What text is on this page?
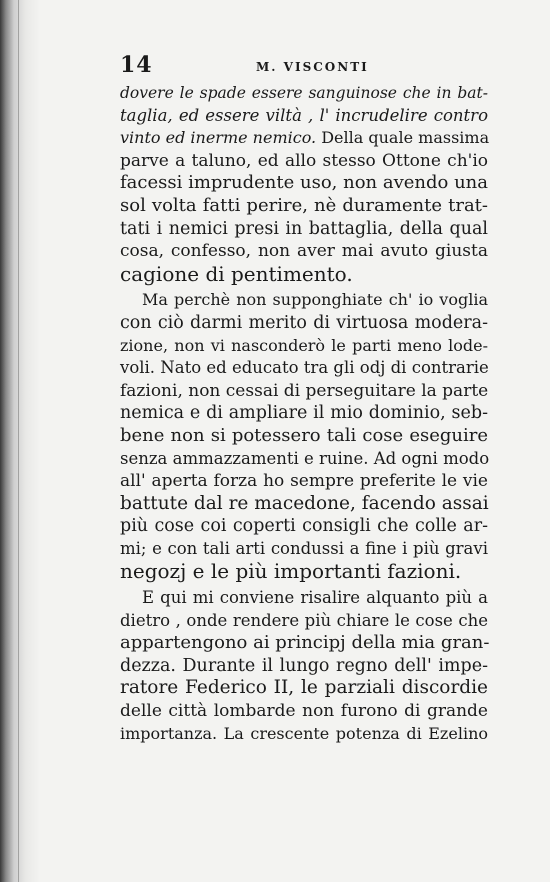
14	M. VISCONTI
dovere le spade essere sanguinose che in bat-
taglia, ed essere viltà , l' incrudelire contro
vinto ed inerme nemico. Della quale massima
parve a taluno, ed allo stesso Ottone ch'io
facessi imprudente uso, non avendo una
sol volta fatti perire, nè duramente trat-
tati i nemici presi in battaglia, della qual
cosa, confesso, non aver mai avuto giusta
cagione di pentimento.
Ma perchè non supponghiate ch' io voglia
con ciò darmi merito di virtuosa modera-
zione, non vi nasconderò le parti meno lode-
voli. Nato ed educato tra gli odj di contrarie
fazioni, non cessai di perseguitare la parte
nemica e di ampliare il mio dominio, seb-
bene non si potessero tali cose eseguire
senza ammazzamenti e ruine. Ad ogni modo
all' aperta forza ho sempre preferite le vie
battute dal re macedone, facendo assai
più cose coi coperti consigli che colle ar-
mi; e con tali arti condussi a fine i più gravi
negozj e le più importanti fazioni.
E qui mi conviene risalire alquanto più a
dietro , onde rendere più chiare le cose che
appartengono ai principj della mia gran-
dezza. Durante il lungo regno dell' impe-
ratore Federico II, le parziali discordie
delle città lombarde non furono di grande
importanza. La crescente potenza di Ezelino
